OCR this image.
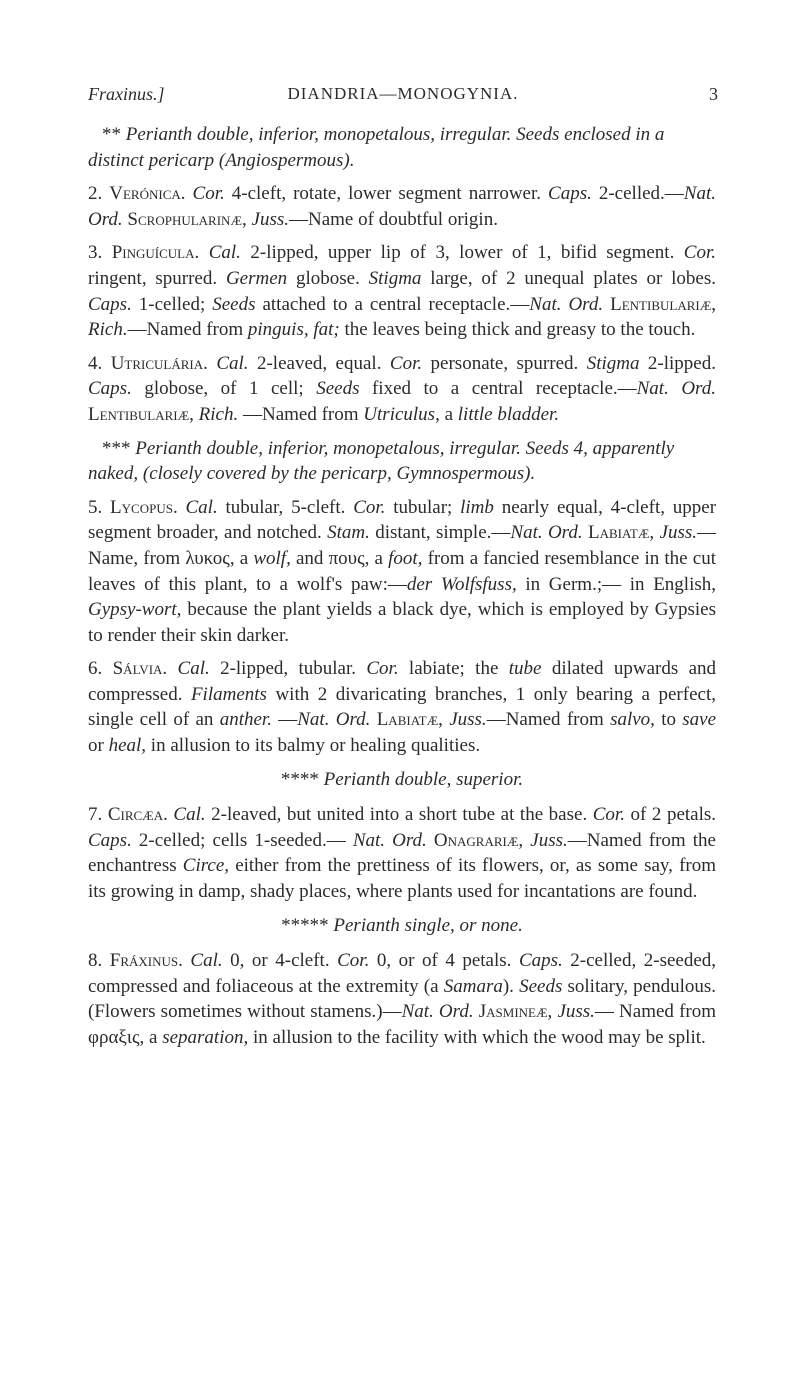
Fraxinus.]	DIANDRIA—MONOGYNIA.	3

** Perianth double, inferior, monopetalous, irregular. Seeds enclosed in a distinct pericarp (Angiospermous).

2. Verónica. Cor. 4-cleft, rotate, lower segment narrower. Caps. 2-celled.—Nat. Ord. Scrophularinæ, Juss.—Name of doubtful origin.

3. Pinguícula. Cal. 2-lipped, upper lip of 3, lower of 1, bifid segment. Cor. ringent, spurred. Germen globose. Stigma large, of 2 unequal plates or lobes. Caps. 1-celled; Seeds attached to a central receptacle.—Nat. Ord. Lentibulariæ, Rich.—Named from pinguis, fat; the leaves being thick and greasy to the touch.

4. Utriculária. Cal. 2-leaved, equal. Cor. personate, spurred. Stigma 2-lipped. Caps. globose, of 1 cell; Seeds fixed to a central receptacle.—Nat. Ord. Lentibulariæ, Rich. —Named from Utriculus, a little bladder.

*** Perianth double, inferior, monopetalous, irregular. Seeds 4, apparently naked, (closely covered by the pericarp, Gymnospermous).

5. Lycopus. Cal. tubular, 5-cleft. Cor. tubular; limb nearly equal, 4-cleft, upper segment broader, and notched. Stam. distant, simple.—Nat. Ord. Labiatæ, Juss.—Name, from λυκος, a wolf, and πους, a foot, from a fancied resemblance in the cut leaves of this plant, to a wolf's paw:—der Wolfsfuss, in Germ.;— in English, Gypsy-wort, because the plant yields a black dye, which is employed by Gypsies to render their skin darker.

6. Sálvia. Cal. 2-lipped, tubular. Cor. labiate; the tube dilated upwards and compressed. Filaments with 2 divaricating branches, 1 only bearing a perfect, single cell of an anther. —Nat. Ord. Labiatæ, Juss.—Named from salvo, to save or heal, in allusion to its balmy or healing qualities.

**** Perianth double, superior.

7. Circæa. Cal. 2-leaved, but united into a short tube at the base. Cor. of 2 petals. Caps. 2-celled; cells 1-seeded.— Nat. Ord. Onagrariæ, Juss.—Named from the enchantress Circe, either from the prettiness of its flowers, or, as some say, from its growing in damp, shady places, where plants used for incantations are found.

***** Perianth single, or none.

8. Fráxinus. Cal. 0, or 4-cleft. Cor. 0, or of 4 petals. Caps. 2-celled, 2-seeded, compressed and foliaceous at the extremity (a Samara). Seeds solitary, pendulous. (Flowers sometimes without stamens.)—Nat. Ord. Jasmineæ, Juss.— Named from φραξις, a separation, in allusion to the facility with which the wood may be split.
